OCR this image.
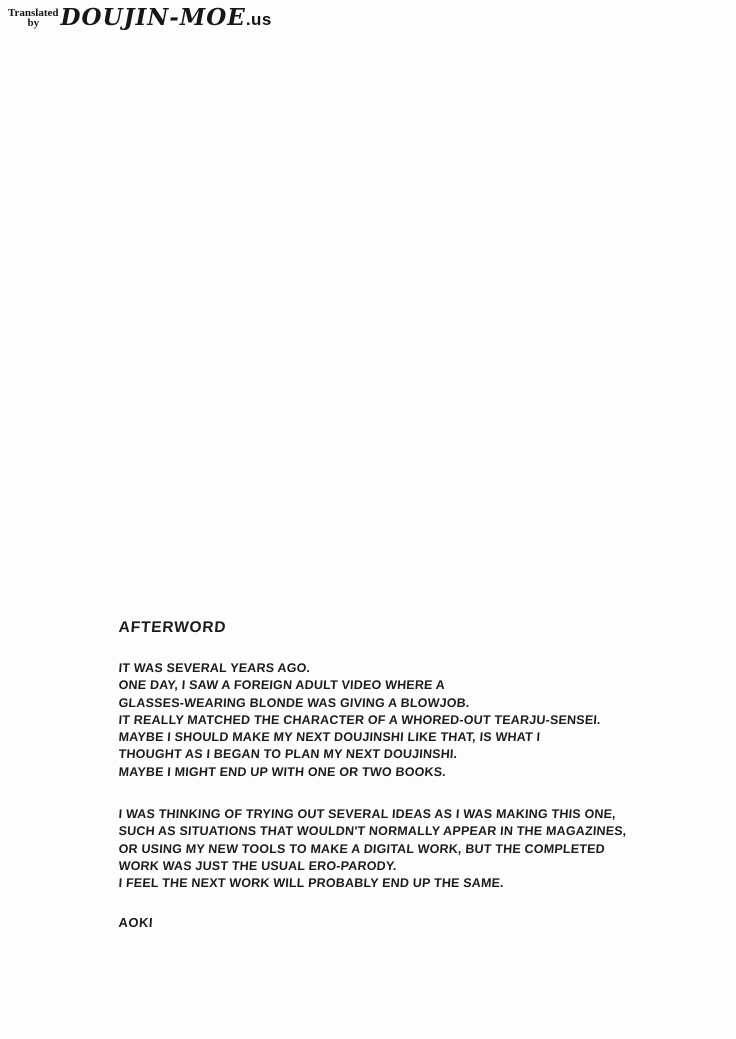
Translated
by DOUJIN-MOE.us
AFTERWORD
IT WAS SEVERAL YEARS AGO.
ONE DAY, I SAW A FOREIGN ADULT VIDEO WHERE A
GLASSES-WEARING BLONDE WAS GIVING A BLOWJOB.
IT REALLY MATCHED THE CHARACTER OF A WHORED-OUT TEARJU-SENSEI.
MAYBE I SHOULD MAKE MY NEXT DOUJINSHI LIKE THAT, IS WHAT I
THOUGHT AS I BEGAN TO PLAN MY NEXT DOUJINSHI.
MAYBE I MIGHT END UP WITH ONE OR TWO BOOKS.
I WAS THINKING OF TRYING OUT SEVERAL IDEAS AS I WAS MAKING THIS ONE,
SUCH AS SITUATIONS THAT WOULDN'T NORMALLY APPEAR IN THE MAGAZINES,
OR USING MY NEW TOOLS TO MAKE A DIGITAL WORK, BUT THE COMPLETED
WORK WAS JUST THE USUAL ERO-PARODY.
I FEEL THE NEXT WORK WILL PROBABLY END UP THE SAME.
AOKI
